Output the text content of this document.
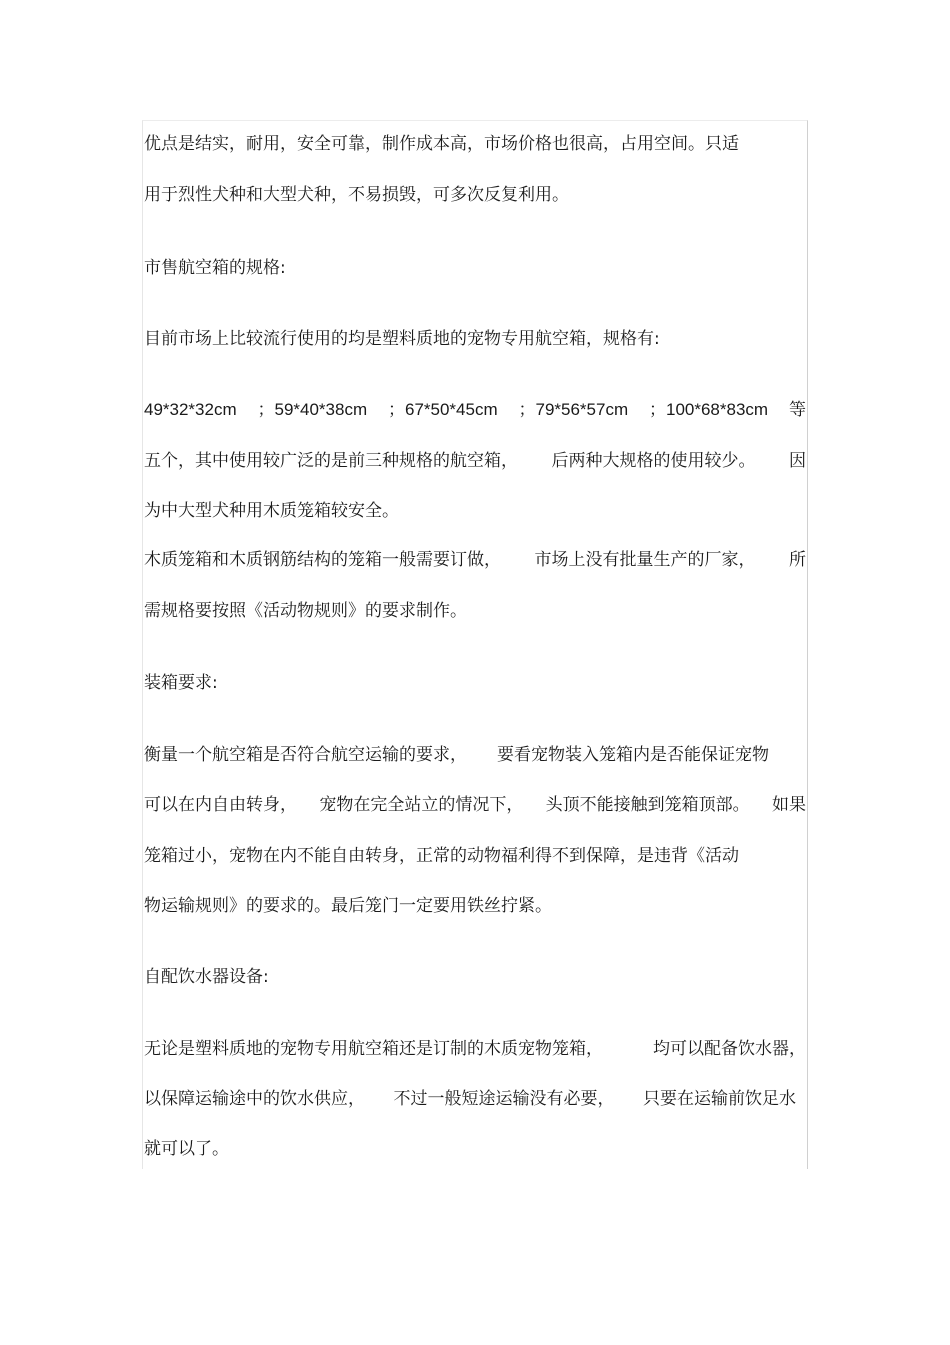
优点是结实，耐用，安全可靠，制作成本高，市场价格也很高，占用空间。只适

用于烈性犬种和大型犬种，不易损毁，可多次反复利用。

市售航空箱的规格:

目前市场上比较流行使用的均是塑料质地的宠物专用航空箱，规格有:

49*32*32cm ；59*40*38cm ；67*50*45cm ；79*56*57cm ；100*68*83cm 等
五个，其中使用较广泛的是前三种规格的航空箱， 后两种大规格的使用较少。 因

为中大型犬种用木质笼箱较安全。

木质笼箱和木质钢筋结构的笼箱一般需要订做， 市场上没有批量生产的厂家， 所

需规格要按照《活动物规则》的要求制作。

装箱要求:

衡量一个航空箱是否符合航空运输的要求， 要看宠物装入笼箱内是否能保证宠物
可以在内自由转身， 宠物在完全站立的情况下， 头顶不能接触到笼箱顶部。 如果

笼箱过小，宠物在内不能自由转身，正常的动物福利得不到保障，是违背《活动

物运输规则》的要求的。最后笼门一定要用铁丝拧紧。

自配饮水器设备:

无论是塑料质地的宠物专用航空箱还是订制的木质宠物笼箱，	均可以配备饮水器，
以保障运输途中的饮水供应， 不过一般短途运输没有必要， 只要在运输前饮足水

就可以了。
